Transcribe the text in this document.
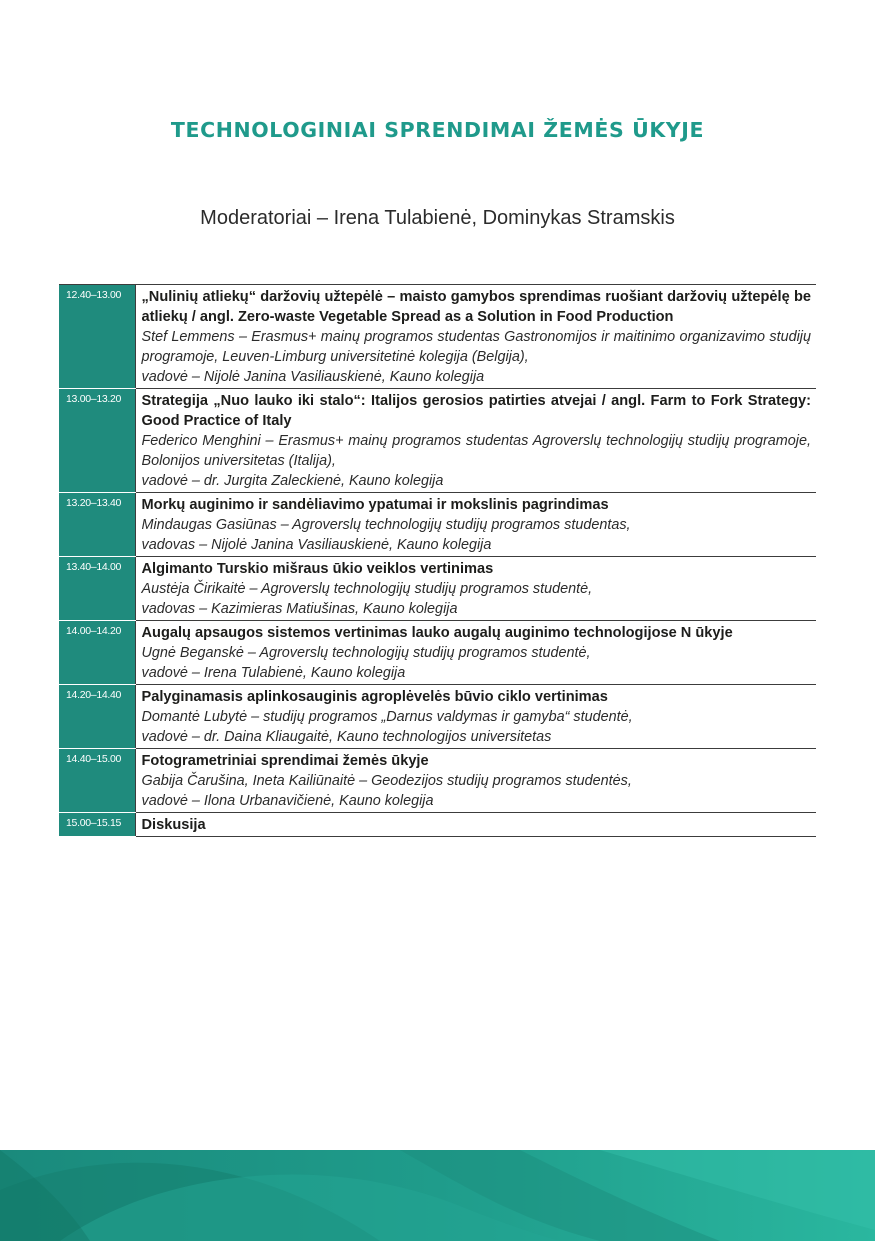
TECHNOLOGINIAI SPRENDIMAI ŽEMĖS ŪKYJE
Moderatoriai – Irena Tulabienė, Dominykas Stramskis
12.40–13.00	„Nulinių atliekų“ daržovių užtepėlė – maisto gamybos sprendimas ruošiant daržovių užtepėlę be atliekų / angl. Zero-waste Vegetable Spread as a Solution in Food Production
Stef Lemmens – Erasmus+ mainų programos studentas Gastronomijos ir maitinimo organizavimo studijų programoje, Leuven-Limburg universitetinė kolegija (Belgija),
vadovė – Nijolė Janina Vasiliauskienė, Kauno kolegija

13.00–13.20	Strategija „Nuo lauko iki stalo“: Italijos gerosios patirties atvejai / angl. Farm to Fork Strategy: Good Practice of Italy
Federico Menghini – Erasmus+ mainų programos studentas Agroverslų technologijų studijų programoje, Bolonijos universitetas (Italija),
vadovė – dr. Jurgita Zaleckienė, Kauno kolegija

13.20–13.40	Morkų auginimo ir sandėliavimo ypatumai ir mokslinis pagrindimas
Mindaugas Gasiūnas – Agroverslų technologijų studijų programos studentas,
vadovas – Nijolė Janina Vasiliauskienė, Kauno kolegija

13.40–14.00	Algimanto Turskio mišraus ūkio veiklos vertinimas
Austėja Čirikaitė – Agroverslų technologijų studijų programos studentė,
vadovas – Kazimieras Matiušinas, Kauno kolegija

14.00–14.20	Augalų apsaugos sistemos vertinimas lauko augalų auginimo technologijose N ūkyje
Ugnė Beganskė – Agroverslų technologijų studijų programos studentė,
vadovė – Irena Tulabienė, Kauno kolegija

14.20–14.40	Palyginamasis aplinkosauginis agroplėvelės būvio ciklo vertinimas
Domantė Lubytė – studijų programos „Darnus valdymas ir gamyba“ studentė,
vadovė – dr. Daina Kliaugaitė, Kauno technologijos universitetas

14.40–15.00	Fotogrametriniai sprendimai žemės ūkyje
Gabija Čarušina, Ineta Kailiūnaitė – Geodezijos studijų programos studentės,
vadovė – Ilona Urbanavičienė, Kauno kolegija

15.00–15.15	Diskusija
